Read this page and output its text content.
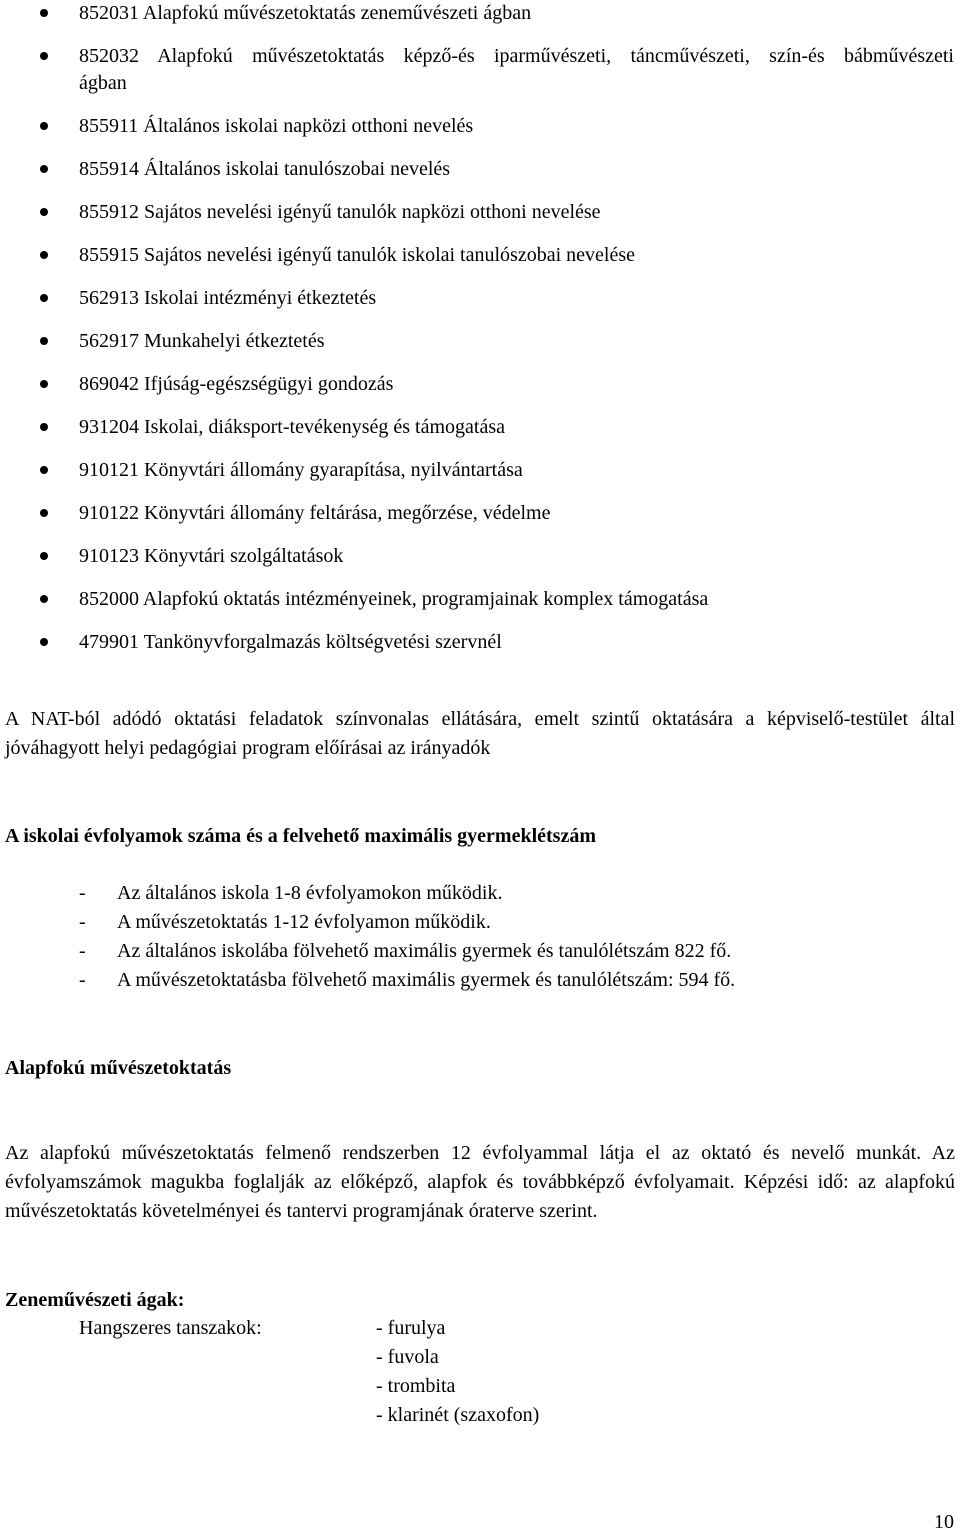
852031 Alapfokú művészetoktatás zeneművészeti ágban
852032 Alapfokú művészetoktatás képző-és iparművészeti, táncművészeti, szín-és bábművészeti ágban
855911 Általános iskolai napközi otthoni nevelés
855914 Általános iskolai tanulószobai nevelés
855912 Sajátos nevelési igényű tanulók napközi otthoni nevelése
855915 Sajátos nevelési igényű tanulók iskolai tanulószobai nevelése
562913 Iskolai intézményi étkeztetés
562917 Munkahelyi étkeztetés
869042 Ifjúság-egészségügyi gondozás
931204 Iskolai, diáksport-tevékenység és támogatása
910121 Könyvtári állomány gyarapítása, nyilvántartása
910122 Könyvtári állomány feltárása, megőrzése, védelme
910123 Könyvtári szolgáltatások
852000 Alapfokú oktatás intézményeinek, programjainak komplex támogatása
479901 Tankönyvforgalmazás költségvetési szervnél

A NAT-ból adódó oktatási feladatok színvonalas ellátására, emelt szintű oktatására a képviselő-testület által jóváhagyott helyi pedagógiai program előírásai az irányadók

A iskolai évfolyamok száma és a felvehető maximális gyermeklétszám
- Az általános iskola 1-8 évfolyamokon működik.
- A művészetoktatás 1-12 évfolyamon működik.
- Az általános iskolába fölvehető maximális gyermek és tanulólétszám 822 fő.
- A művészetoktatásba fölvehető maximális gyermek és tanulólétszám: 594 fő.
Alapfokú művészetoktatás

Az alapfokú művészetoktatás felmenő rendszerben 12 évfolyammal látja el az oktató és nevelő munkát. Az évfolyamszámok magukba foglalják az előképző, alapfok és továbbképző évfolyamait. Képzési idő: az alapfokú művészetoktatás követelményei és tantervi programjának óraterve szerint.

Zeneművészeti ágak:
Hangszeres tanszakok:	- furulya
- fuvola
- trombita
- klarinét (szaxofon)
10
